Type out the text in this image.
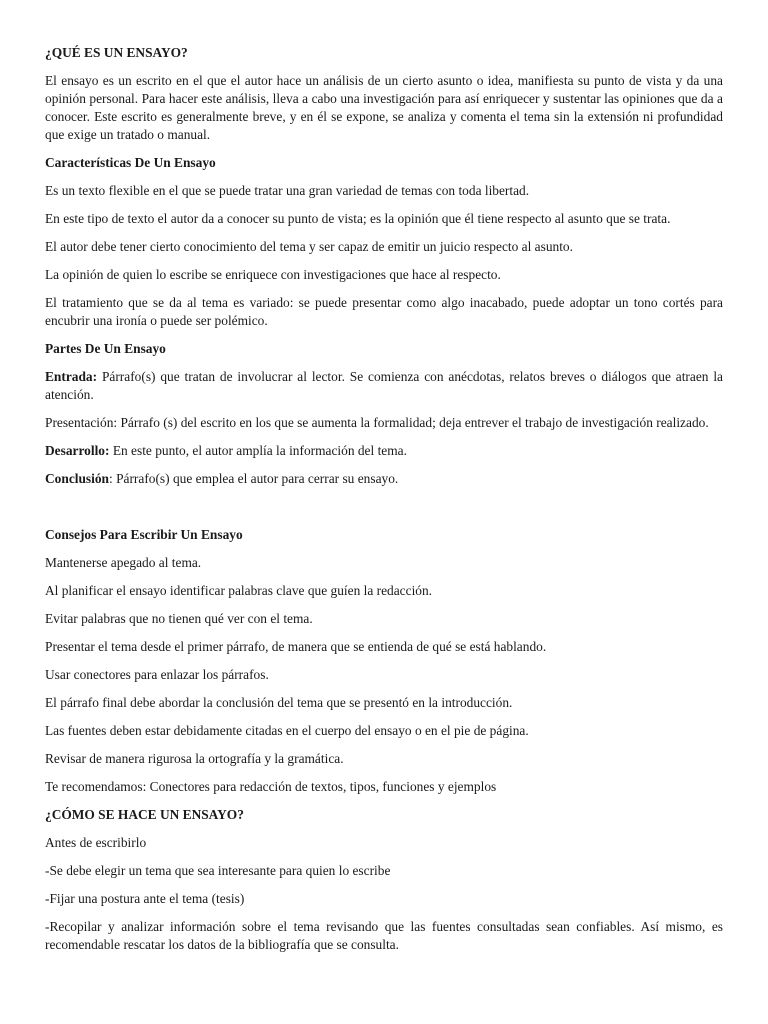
¿QUÉ ES UN ENSAYO?
El ensayo es un escrito en el que el autor hace un análisis de un cierto asunto o idea, manifiesta su punto de vista y da una opinión personal. Para hacer este análisis, lleva a cabo una investigación para así enriquecer y sustentar las opiniones que da a conocer. Este escrito es generalmente breve, y en él se expone, se analiza y comenta el tema sin la extensión ni profundidad que exige un tratado o manual.
Características De Un Ensayo
Es un texto flexible en el que se puede tratar una gran variedad de temas con toda libertad.
En este tipo de texto el autor da a conocer su punto de vista; es la opinión que él tiene respecto al asunto que se trata.
El autor debe tener cierto conocimiento del tema y ser capaz de emitir un juicio respecto al asunto.
La opinión de quien lo escribe se enriquece con investigaciones que hace al respecto.
El tratamiento que se da al tema es variado: se puede presentar como algo inacabado, puede adoptar un tono cortés para encubrir una ironía o puede ser polémico.
Partes De Un Ensayo
Entrada: Párrafo(s) que tratan de involucrar al lector. Se comienza con anécdotas, relatos breves o diálogos que atraen la atención.
Presentación: Párrafo (s) del escrito en los que se aumenta la formalidad; deja entrever el trabajo de investigación realizado.
Desarrollo: En este punto, el autor amplía la información del tema.
Conclusión: Párrafo(s) que emplea el autor para cerrar su ensayo.
Consejos Para Escribir Un Ensayo
Mantenerse apegado al tema.
Al planificar el ensayo identificar palabras clave que guíen la redacción.
Evitar palabras que no tienen qué ver con el tema.
Presentar el tema desde el primer párrafo, de manera que se entienda de qué se está hablando.
Usar conectores para enlazar los párrafos.
El párrafo final debe abordar la conclusión del tema que se presentó en la introducción.
Las fuentes deben estar debidamente citadas en el cuerpo del ensayo o en el pie de página.
Revisar de manera rigurosa la ortografía y la gramática.
Te recomendamos: Conectores para redacción de textos, tipos, funciones y ejemplos
¿CÓMO SE HACE UN ENSAYO?
Antes de escribirlo
-Se debe elegir un tema que sea interesante para quien lo escribe
-Fijar una postura ante el tema (tesis)
-Recopilar y analizar información sobre el tema revisando que las fuentes consultadas sean confiables. Así mismo, es recomendable rescatar los datos de la bibliografía que se consulta.
